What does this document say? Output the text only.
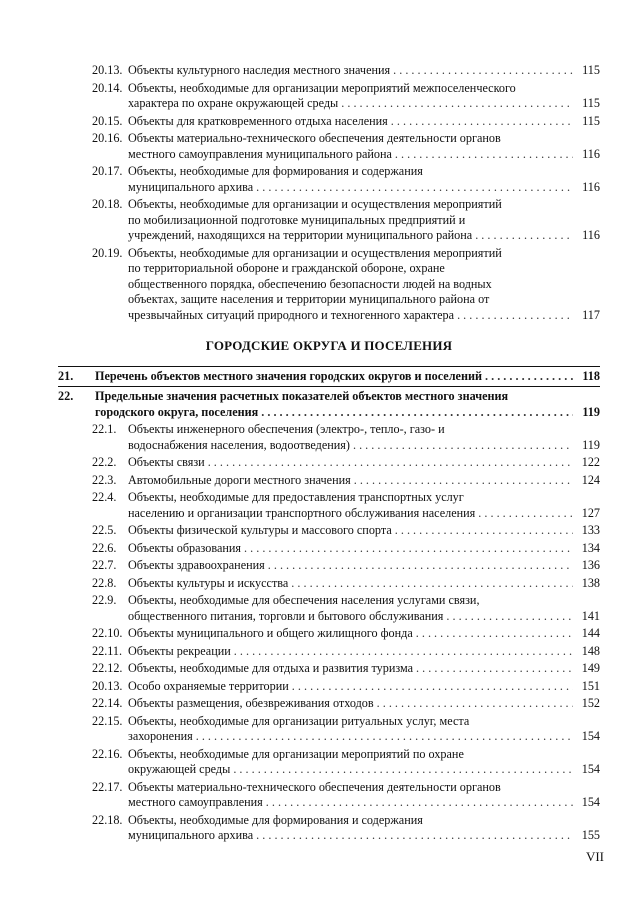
20.13. Объекты культурного наследия местного значения . . .	115
20.14. Объекты, необходимые для организации мероприятий межпоселенческого
характера по охране окружающей среды . . .	115
20.15. Объекты для кратковременного отдыха населения . . .	115
20.16. Объекты материально-технического обеспечения деятельности органов
местного самоуправления муниципального района . . .	116
20.17. Объекты, необходимые для формирования и содержания
муниципального архива . . .	116
20.18. Объекты, необходимые для организации и осуществления мероприятий
по мобилизационной подготовке муниципальных предприятий и
учреждений, находящихся на территории муниципального района . . .	116
20.19. Объекты, необходимые для организации и осуществления мероприятий
по территориальной обороне и гражданской обороне, охране
общественного порядка, обеспечению безопасности людей на водных
объектах, защите населения и территории муниципального района от
чрезвычайных ситуаций природного и техногенного характера . . .	117
ГОРОДСКИЕ ОКРУГА И ПОСЕЛЕНИЯ
21.	Перечень объектов местного значения городских округов и поселений . . .	118
22.	Предельные значения расчетных показателей объектов местного значения
городского округа, поселения . . .	119
22.1. Объекты инженерного обеспечения (электро-, тепло-, газо- и
водоснабжения населения, водоотведения) . . .	119
22.2. Объекты связи . . .	122
22.3. Автомобильные дороги местного значения . . .	124
22.4. Объекты, необходимые для предоставления транспортных услуг
населению и организации транспортного обслуживания населения . . .	127
22.5. Объекты физической культуры и массового спорта . . .	133
22.6. Объекты образования . . .	134
22.7. Объекты здравоохранения . . .	136
22.8. Объекты культуры и искусства . . .	138
22.9. Объекты, необходимые для обеспечения населения услугами связи,
общественного питания, торговли и бытового обслуживания . . .	141
22.10. Объекты муниципального и общего жилищного фонда . . .	144
22.11. Объекты рекреации . . .	148
22.12. Объекты, необходимые для отдыха и развития туризма . . .	149
20.13. Особо охраняемые территории . . .	151
22.14. Объекты размещения, обезвреживания отходов . . .	152
22.15. Объекты, необходимые для организации ритуальных услуг, места
захоронения . . .	154
22.16. Объекты, необходимые для организации мероприятий по охране
окружающей среды . . .	154
22.17. Объекты материально-технического обеспечения деятельности органов
местного самоуправления . . .	154
22.18. Объекты, необходимые для формирования и содержания
муниципального архива . . .	155
VII
